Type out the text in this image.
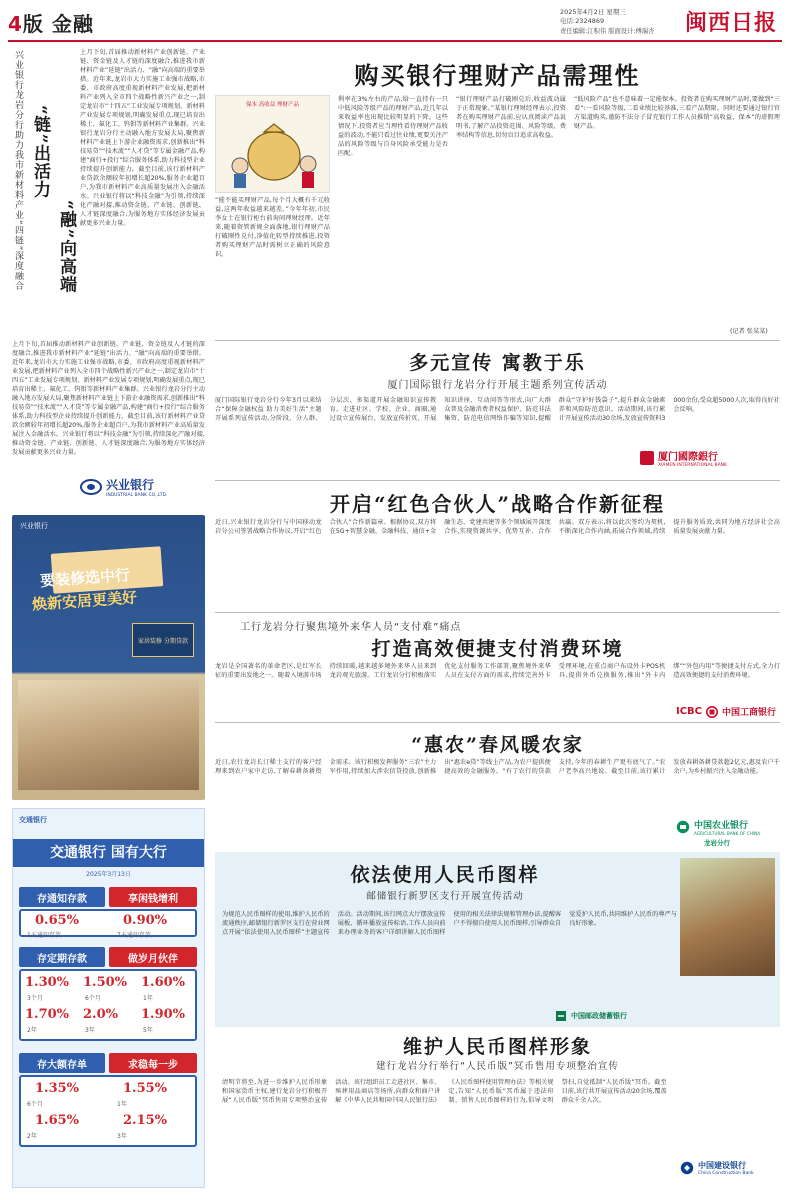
4版 金融	2025年4月2日 星期三
电话:2324869
责任编辑:江积伟 版面设计:傅瑞杏	闽西日报
兴业银行龙岩分行助力我市新材料产业“四链”深度融合 “链”出活力
“融”向高端
上月下旬,首届推动新材料产业创新链、产业链、资金链及人才链的深度融合,推进我市新材料产业“延链”出活力、“融”向高端的重要举措。近年来,龙岩市大力实施工业强市战略,市委、市政府高度重视新材料产业发展,把新材料产业列入全市四个战略性新兴产业之一,制定龙岩市“十四五”工业发展专项规划、新材料产业发展专项规划,明确发展重点,现已培育出稀土、氟化工、钨钼等新材料产业集群。兴业银行龙岩分行主动融入地方发展大局,聚焦新材料产业链上下游企业融资需求,创新推出“科技易贷”“技术流”“人才贷”等专属金融产品,构建“商行+投行”综合服务体系,助力科技型企业持续提升创新能力。截至目前,该行新材料产业贷款余额较年初增长超20%,服务企业超百户,为我市新材料产业高质量发展注入金融活水。兴业银行将以“科技金融”为引领,持续深化产融对接,推动资金链、产业链、创新链、人才链深度融合,为服务地方实体经济发展贡献更多兴业力量。
上月下旬,首届推动新材料产业创新链、产业链、资金链及人才链的深度融合,推进我市新材料产业“延链”出活力、“融”向高端的重要举措。近年来,龙岩市大力实施工业强市战略,市委、市政府高度重视新材料产业发展,把新材料产业列入全市四个战略性新兴产业之一,制定龙岩市“十四五”工业发展专项规划、新材料产业发展专项规划,明确发展重点,现已培育出稀土、氟化工、钨钼等新材料产业集群。兴业银行龙岩分行主动融入地方发展大局,聚焦新材料产业链上下游企业融资需求,创新推出“科技易贷”“技术流”“人才贷”等专属金融产品,构建“商行+投行”综合服务体系,助力科技型企业持续提升创新能力。截至目前,该行新材料产业贷款余额较年初增长超20%,服务企业超百户,为我市新材料产业高质量发展注入金融活水。兴业银行将以“科技金融”为引领,持续深化产融对接,推动资金链、产业链、创新链、人才链深度融合,为服务地方实体经济发展贡献更多兴业力量。
兴业银行
INDUSTRIAL BANK CO.,LTD.
兴业银行
要装修选中行
焕新安居更美好
家居装修 分期贷款
交通银行
交通银行 国有大行
2025年3月13日
存通知存款	享闲钱增利
0.65%	0.90%
1天通知存款	7天通知存款
存定期存款	做岁月伙伴
1.30% 1.50% 1.60%
3个月	6个月	1年
1.70% 2.0% 1.90%
2年	3年	5年
存大额存单	求稳每一步
1.35%	1.55%
6个月	1年
1.65%	2.15%
2年	3年
购买银行理财产品需理性
保本 高收益 理财产品
“能不能买理财产品,每个月大概有千元收益,这两年收益越来越差。”今年年初,市民李女士在银行柜台前询问理财经理。近年来,随着资管新规全面落地,银行理财产品打破刚性兑付,净值化转型持续推进,投资者购买理财产品时需树立正确的风险意识。
利率在3%左右的产品,给一直持有一只中低风险等级产品的理财产品,近几年以来收益率也出现比较明显的下降。这些情况下,投资者应当理性看待理财产品收益的波动,不能只看过往业绩,更要关注产品的风险等级与自身风险承受能力是否匹配。
“银行理财产品打破刚兑后,收益波动属于正常现象。”某银行理财经理表示,投资者在购买理财产品前,应认真阅读产品说明书,了解产品投资范围、风险等级、费率结构等信息,切勿盲目追求高收益。
“低风险产品”也不意味着一定能保本。投资者在购买理财产品时,要做到“三看”:一看风险等级,二看业绩比较基准,三看产品期限。同时还要通过银行官方渠道购买,谨防不法分子冒充银行工作人员推销“高收益、保本”的虚假理财产品。
(记者 张某某)
多元宣传 寓教于乐
厦门国际银行龙岩分行开展主题系列宣传活动
厦门国际银行龙岩分行今年3月以来结合“保障金融权益 助力美好生活”主题开展系列宣传活动,分阶段、分人群、分层次、多渠道开展金融知识宣传教育。走进社区、学校、企业、商圈,通过设立宣传展台、发放宣传折页、开展知识讲座、互动问答等形式,向广大群众普及金融消费者权益保护、防范非法集资、防范电信网络诈骗等知识,提醒群众“守护好钱袋子”,提升群众金融素养和风险防范意识。活动期间,该行累计开展宣传活动30余场,发放宣传资料3000余份,受众超5000人次,取得良好社会反响。
厦门國際銀行
XIAMEN INTERNATIONAL BANK
开启“红色合伙人”战略合作新征程
近日,兴业银行龙岩分行与中国移动龙岩分公司签署战略合作协议,开启“红色合伙人”合作新篇章。根据协议,双方将在5G+智慧金融、金融科技、通信+金融生态、党建共建等多个领域展开深度合作,实现资源共享、优势互补、合作共赢。双方表示,将以此次签约为契机,不断深化合作内涵,拓展合作领域,持续提升服务质效,共同为地方经济社会高质量发展贡献力量。
工行龙岩分行聚焦境外来华人员“支付难”痛点
打造高效便捷支付消费环境
龙岩是全国著名的革命老区,是红军长征的重要出发地之一。随着入境游市场持续回暖,越来越多境外来华人员来到龙岩观光旅游。工行龙岩分行积极落实优化支付服务工作部署,聚焦境外来华人员在支付方面的需求,持续完善外卡受理环境,在重点商户布设外卡POS机具,提供外币兑换服务,推出“外卡内绑”“外包内用”等便捷支付方式,全力打造高效便捷的支付消费环境。
ICBC 中国工商银行
“惠农”春风暖农家
近日,农行龙岩长汀稀土支行的客户经理来到农户家中走访,了解春耕备耕资金需求。该行积极发挥服务“三农”主力军作用,持续加大涉农信贷投放,创新推出“惠农e贷”等线上产品,为农户提供便捷高效的金融服务。“有了农行的贷款支持,今年的春耕生产更有底气了。”农户老李高兴地说。截至目前,该行累计发放春耕备耕贷款超2亿元,惠及农户千余户,为乡村振兴注入金融动能。
中国农业银行
AGRICULTURAL BANK OF CHINA
龙岩分行
依法使用人民币图样
邮储银行新罗区支行开展宣传活动
为规范人民币图样的使用,维护人民币的流通秩序,邮储银行新罗区支行在营业网点开展“依法使用人民币图样”主题宣传活动。活动期间,该行网点大厅摆放宣传展板、循环播放宣传标语,工作人员向前来办理业务的客户详细讲解人民币图样使用的相关法律法规和管理办法,提醒客户不得擅自使用人民币图样,引导群众自觉爱护人民币,共同维护人民币的尊严与良好形象。
中国邮政储蓄银行
维护人民币图样形象
建行龙岩分行举行“人民币版”冥币售用专项整治宣传
清明节将至,为进一步维护人民币形象和国家货币主权,建行龙岩分行积极开展“人民币版”冥币售用专项整治宣传活动。该行组织员工走进社区、集市、殡葬用品商店等场所,向群众和商户讲解《中华人民共和国中国人民银行法》《人民币图样使用管理办法》等相关规定,告知“人民币版”冥币属于违法印制、销售人民币图样的行为,倡导文明祭扫,自觉抵制“人民币版”冥币。截至目前,该行共开展宣传活动20余场,覆盖群众千余人次。
中国建设银行
China Construction Bank
